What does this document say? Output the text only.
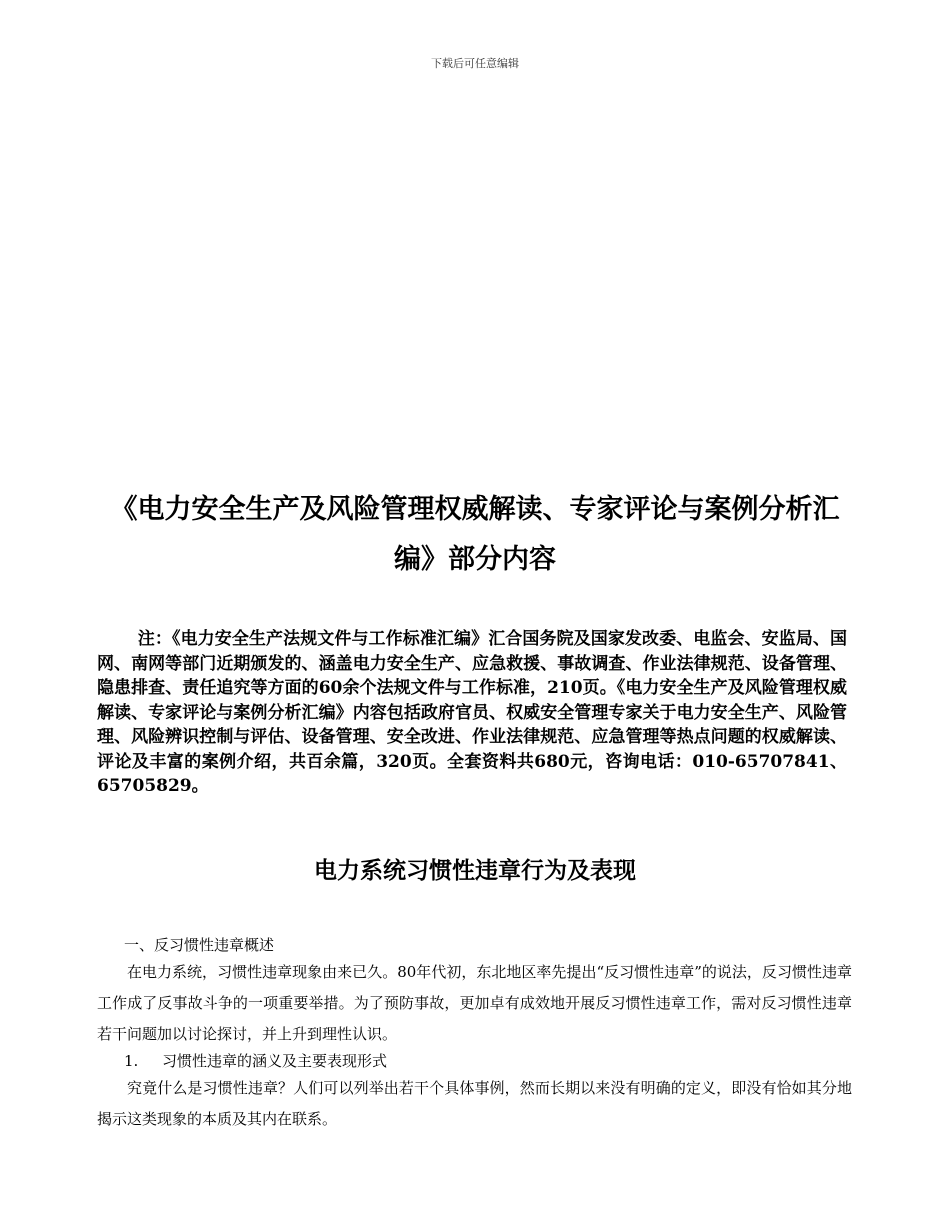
下载后可任意编辑
《电力安全生产及风险管理权威解读、专家评论与案例分析汇编》部分内容
注：《电力安全生产法规文件与工作标准汇编》汇合国务院及国家发改委、电监会、安监局、国网、南网等部门近期颁发的、涵盖电力安全生产、应急救援、事故调查、作业法律规范、设备管理、隐患排查、责任追究等方面的60余个法规文件与工作标准，210页。《电力安全生产及风险管理权威解读、专家评论与案例分析汇编》内容包括政府官员、权威安全管理专家关于电力安全生产、风险管理、风险辨识控制与评估、设备管理、安全改进、作业法律规范、应急管理等热点问题的权威解读、评论及丰富的案例介绍，共百余篇，320页。全套资料共680元，咨询电话：010-65707841、65705829。
电力系统习惯性违章行为及表现
一、反习惯性违章概述
在电力系统，习惯性违章现象由来已久。80年代初，东北地区率先提出“反习惯性违章”的说法，反习惯性违章工作成了反事故斗争的一项重要举措。为了预防事故，更加卓有成效地开展反习惯性违章工作，需对反习惯性违章若干问题加以讨论探讨，并上升到理性认识。
1. 习惯性违章的涵义及主要表现形式
究竟什么是习惯性违章？人们可以列举出若干个具体事例，然而长期以来没有明确的定义，即没有恰如其分地揭示这类现象的本质及其内在联系。
